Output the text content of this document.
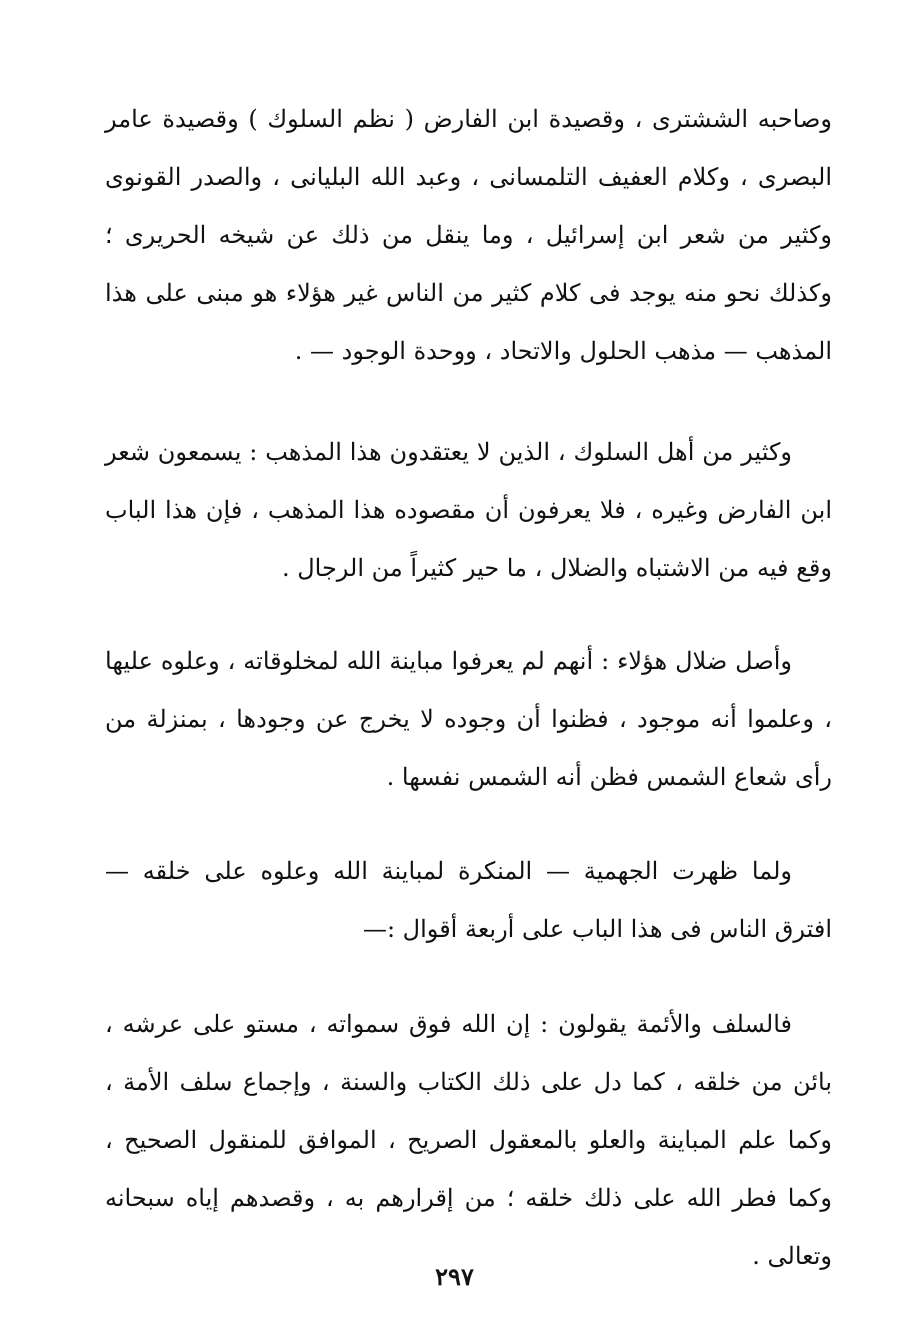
وصاحبه الششترى ، وقصيدة ابن الفارض ( نظم السلوك ) وقصيدة عامر البصرى ، وكلام العفيف التلمسانى ، وعبد الله البليانى ، والصدر القونوى وكثير من شعر ابن إسرائيل ، وما ينقل من ذلك عن شيخه الحريرى ؛ وكذلك نحو منه يوجد فى كلام كثير من الناس غير هؤلاء هو مبنى على هذا المذهب — مذهب الحلول والاتحاد ، ووحدة الوجود — .

وكثير من أهل السلوك ، الذين لا يعتقدون هذا المذهب : يسمعون شعر ابن الفارض وغيره ، فلا يعرفون أن مقصوده هذا المذهب ، فإن هذا الباب وقع فيه من الاشتباه والضلال ، ما حير كثيراً من الرجال .

وأصل ضلال هؤلاء : أنهم لم يعرفوا مباينة الله لمخلوقاته ، وعلوه عليها ، وعلموا أنه موجود ، فظنوا أن وجوده لا يخرج عن وجودها ، بمنزلة من رأى شعاع الشمس فظن أنه الشمس نفسها .

ولما ظهرت الجهمية — المنكرة لمباينة الله وعلوه على خلقه — افترق الناس فى هذا الباب على أربعة أقوال :—

فالسلف والأئمة يقولون : إن الله فوق سمواته ، مستو على عرشه ، بائن من خلقه ، كما دل على ذلك الكتاب والسنة ، وإجماع سلف الأمة ، وكما علم المباينة والعلو بالمعقول الصريح ، الموافق للمنقول الصحيح ، وكما فطر الله على ذلك خلقه ؛ من إقرارهم به ، وقصدهم إياه سبحانه وتعالى .

٢٩٧
